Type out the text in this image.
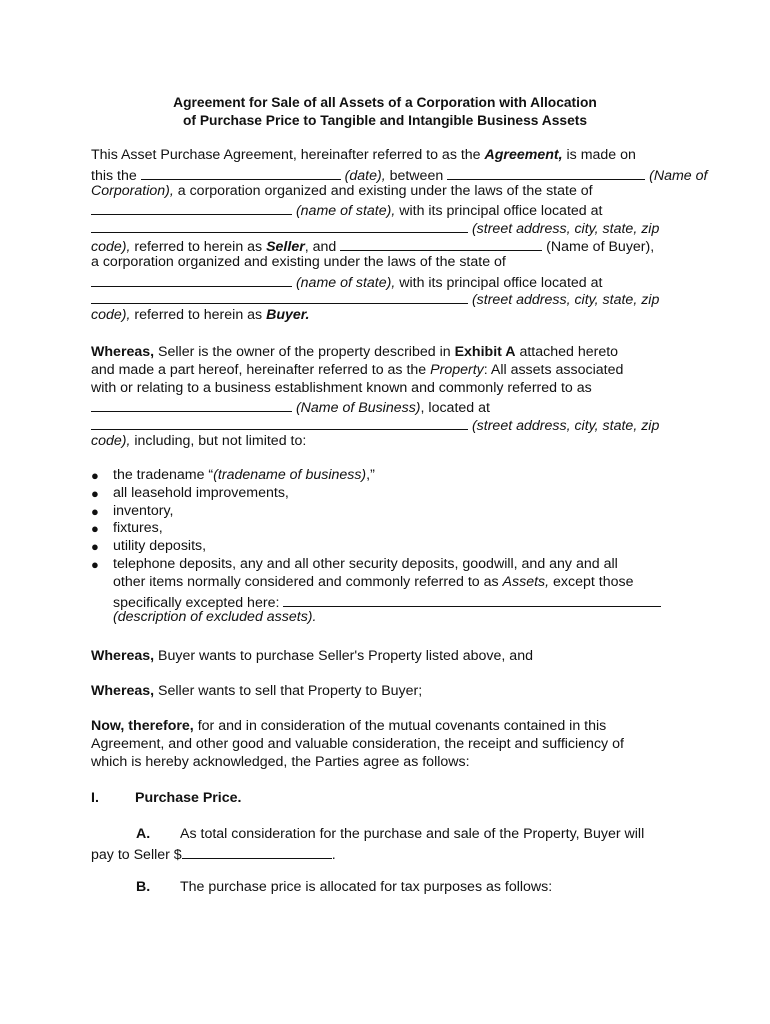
Agreement for Sale of all Assets of a Corporation with Allocation
of Purchase Price to Tangible and Intangible Business Assets
This Asset Purchase Agreement, hereinafter referred to as the Agreement, is made on
this the	(date), between	(Name of
Corporation), a corporation organized and existing under the laws of the state of
(name of state), with its principal office located at
(street address, city, state, zip
code), referred to herein as Seller, and	(Name of Buyer),
a corporation organized and existing under the laws of the state of
(name of state), with its principal office located at
(street address, city, state, zip
code), referred to herein as Buyer.
Whereas, Seller is the owner of the property described in Exhibit A attached hereto
and made a part hereof, hereinafter referred to as the Property: All assets associated
with or relating to a business establishment known and commonly referred to as
(Name of Business), located at
(street address, city, state, zip
code), including, but not limited to:
● the tradename “(tradename of business),”
● all leasehold improvements,
● inventory,
● fixtures,
● utility deposits,
● telephone deposits, any and all other security deposits, goodwill, and any and all
other items normally considered and commonly referred to as Assets, except those
specifically excepted here:
(description of excluded assets).
Whereas, Buyer wants to purchase Seller's Property listed above, and
Whereas, Seller wants to sell that Property to Buyer;
Now, therefore, for and in consideration of the mutual covenants contained in this
Agreement, and other good and valuable consideration, the receipt and sufficiency of
which is hereby acknowledged, the Parties agree as follows:
I.	Purchase Price.
A. As total consideration for the purchase and sale of the Property, Buyer will
pay to Seller $	.
B. The purchase price is allocated for tax purposes as follows:
